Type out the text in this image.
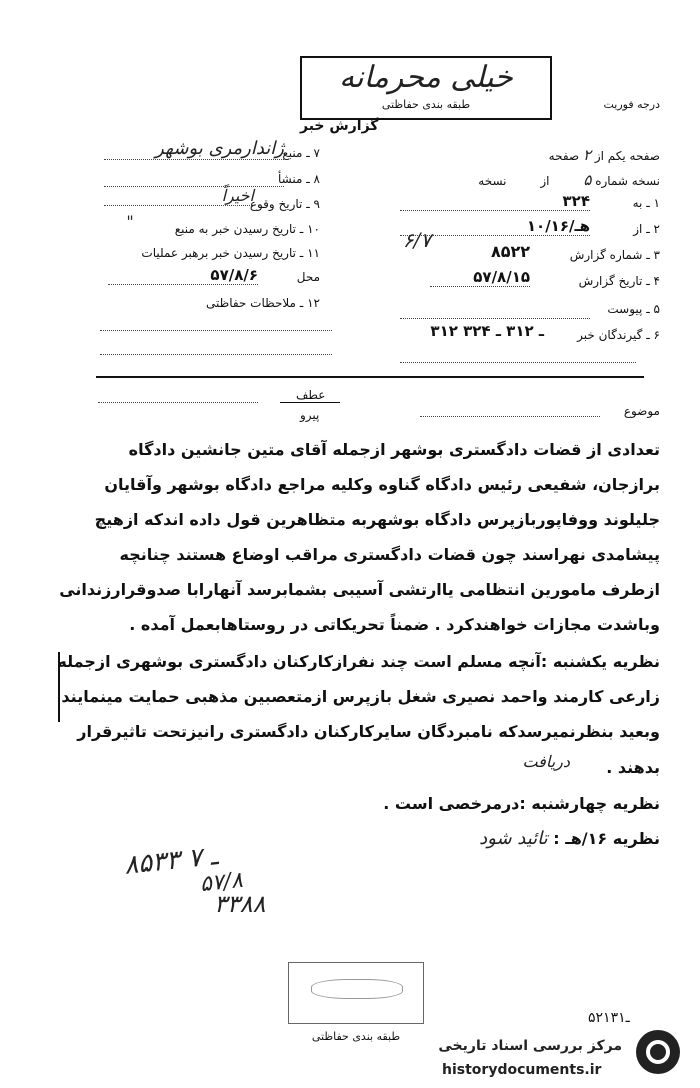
خیلی محرمانه
طبقه بندی حفاظتی	درجه فوریت
گزارش خبر
۷ ـ منبع
ژاندارمری بوشهر
۸ ـ منشأ
۹ ـ تاریخ وقوع
اخیراً
۱۰ ـ تاریخ رسیدن خبر به منبع
"
۱۱ ـ تاریخ رسیدن خبر برهبر عملیات
محل
۵۷/۸/۶
۱۲ ـ ملاحظات حفاظتی
صفحه یکم از ۲ صفحه
نسخه شماره ۵ از نسخه
۱ ـ به
۳۲۴
۲ ـ از
۱۰/۱۶/هـ
۳ ـ شماره گزارش
۸۵۲۲
۶/۷
۴ ـ تاریخ گزارش
۵۷/۸/۱۵
۵ ـ پیوست
۶ ـ گیرندگان خبر
۳۱۲ ـ ۳۱۲ ـ ۳۲۴
عطف
پیرو	موضوع
تعدادی از قضات دادگستری بوشهر ازجمله آقای متین جانشین دادگاه
برازجان، شفیعی رئیس دادگاه گناوه وکلیه مراجع دادگاه بوشهر وآقایان
جلیلوند ووفاپوربازپرس دادگاه بوشهربه متظاهرین قول داده اندکه ازهیچ
پیشامدی نهراسند چون قضات دادگستری مراقب اوضاع هستند چنانچه
ازطرف مامورین انتظامی یاارتشی آسیبی بشمابرسد آنهارابا صدوقرارزندانی
وباشدت مجازات خواهندکرد . ضمناً تحریکاتی در روستاهابعمل آمده .
نظریه یکشنبه :آنچه مسلم است چند نفرازکارکنان دادگستری بوشهری ازجمله
زارعی کارمند واحمد نصیری شغل بازپرس ازمتعصبین مذهبی حمایت مینمایند
وبعید بنظرنمیرسدکه نامبردگان سایرکارکنان دادگستری رانیزتحت تاثیرقرار
بدهند .
دریافت
نظریه چهارشنبه :درمرخصی است .
نظریه ۱۶/هـ : تائید شود
۸۵۳۳ ـ ۷
۵۷/۸
۳۳۸۸
طبقه بندی حفاظتی
۵۲ـ۱۳۱
مرکز بررسی اسناد تاریخی
historydocuments.ir
